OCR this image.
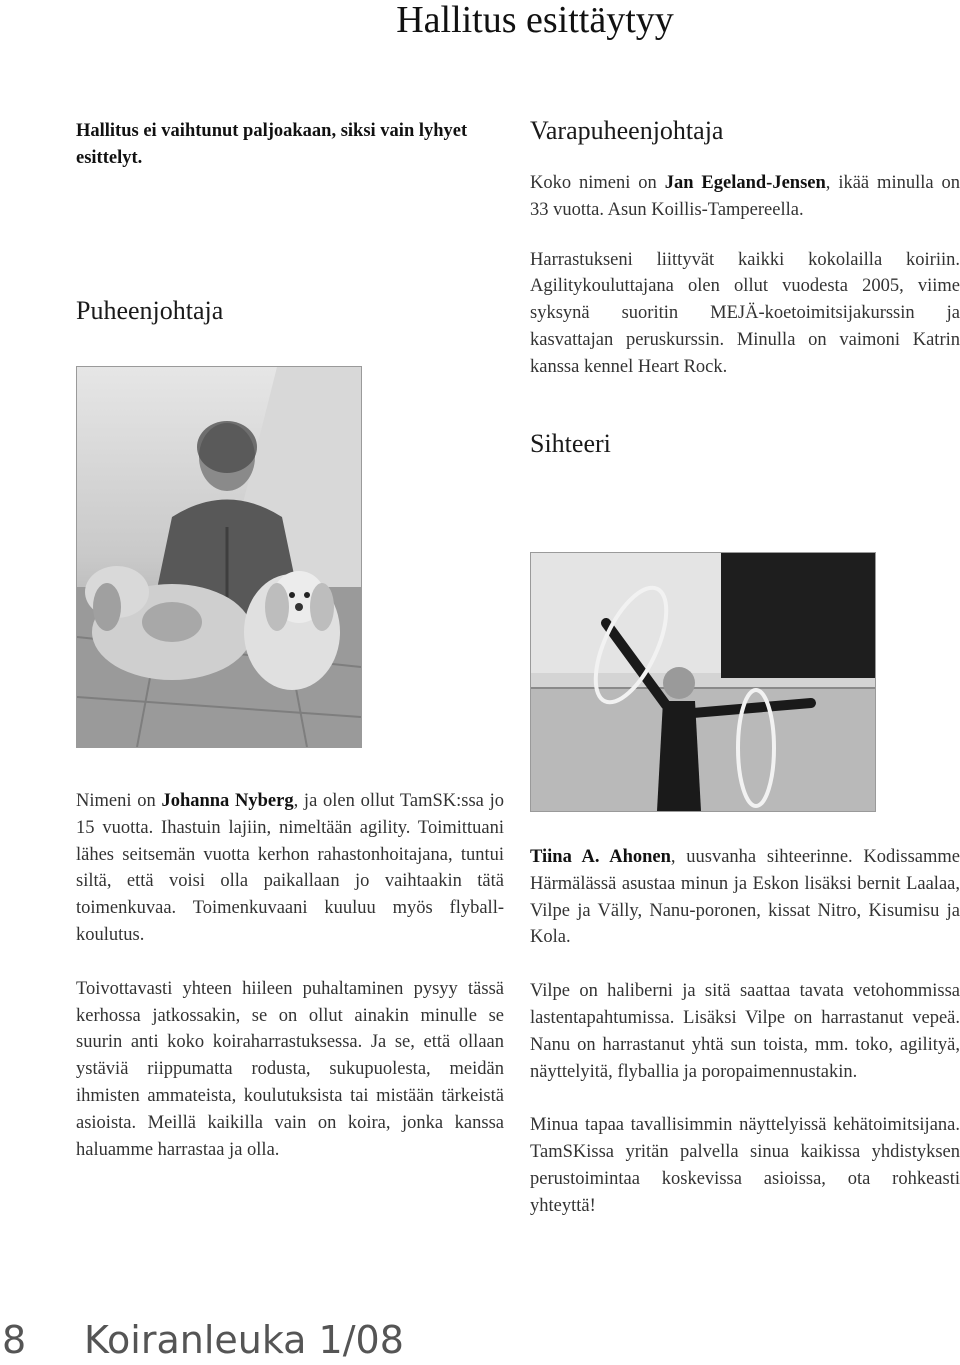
Hallitus esittäytyy
Hallitus ei vaihtunut paljoakaan, siksi vain lyhyet esittelyt.
Puheenjohtaja

Nimeni on Johanna Nyberg, ja olen ollut TamSK:ssa jo 15 vuotta. Ihastuin lajiin, nimeltään agility. Toimittuani lähes seitsemän vuotta kerhon rahastonhoitajana, tuntui siltä, että voisi olla paikallaan jo vaihtaakin tätä toimenkuvaa. Toimenkuvaani kuuluu myös flyball-koulutus.

Toivottavasti yhteen hiileen puhaltaminen pysyy tässä kerhossa jatkossakin, se on ollut ainakin minulle se suurin anti koko koiraharrastuksessa. Ja se, että ollaan ystäviä riippumatta rodusta, sukupuolesta, meidän ihmisten ammateista, koulutuksista tai mistään tärkeistä asioista. Meillä kaikilla vain on koira, jonka kanssa haluamme harrastaa ja olla.

Varapuheenjohtaja

Koko nimeni on Jan Egeland-Jensen, ikää minulla on 33 vuotta. Asun Koillis-Tampereella.

Harrastukseni liittyvät kaikki kokolailla koiriin. Agilitykouluttajana olen ollut vuodesta 2005, viime syksynä suoritin MEJÄ-koetoimitsijakurssin ja kasvattajan peruskurssin. Minulla on vaimoni Katrin kanssa kennel Heart Rock.

Sihteeri

Tiina A. Ahonen, uusvanha sihteerinne. Kodissamme Härmälässä asustaa minun ja Eskon lisäksi bernit Laalaa, Vilpe ja Välly, Nanu-poronen, kissat Nitro, Kisumisu ja Kola.

Vilpe on haliberni ja sitä saattaa tavata vetohommissa lastentapahtumissa. Lisäksi Vilpe on harrastanut vepeä. Nanu on harrastanut yhtä sun toista, mm. toko, agilityä, näyttelyitä, flyballia ja poropaimennustakin.

Minua tapaa tavallisimmin näyttelyissä kehätoimitsijana. TamSKissa yritän palvella sinua kaikissa yhdistyksen perustoimintaa koskevissa asioissa, ota rohkeasti yhteyttä!

8 Koiranleuka 1/08
